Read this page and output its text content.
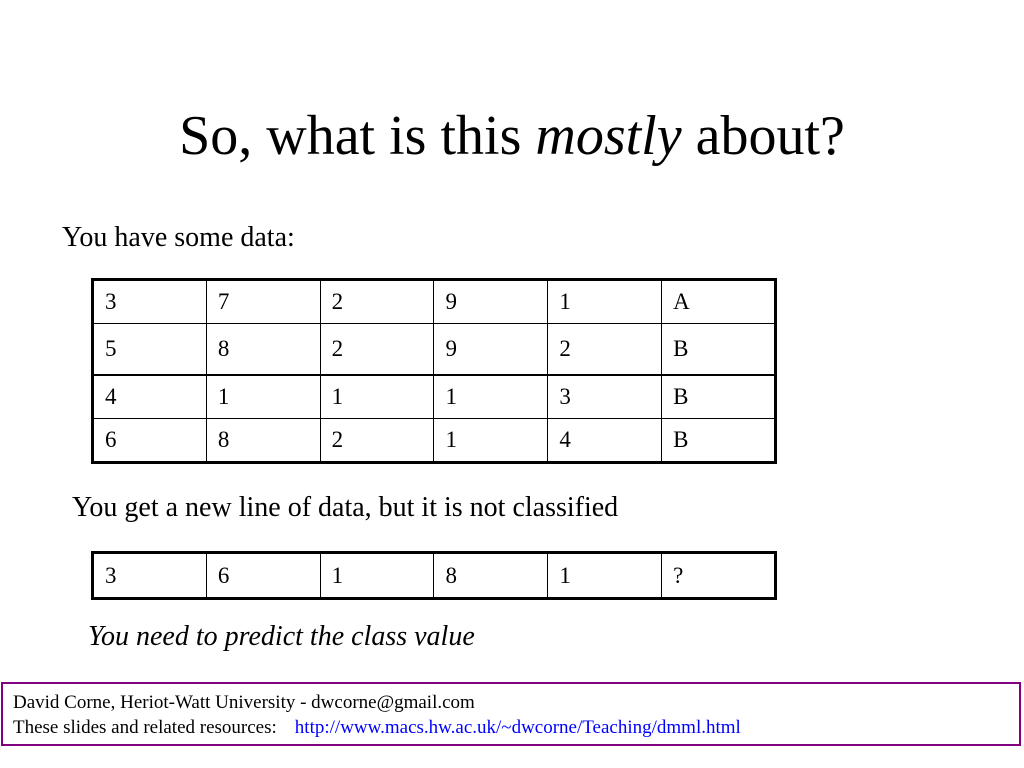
So, what is this mostly about?
You have some data:
3	7	2	9	1	A
5	8	2	9	2	B
4	1	1	1	3	B
6	8	2	1	4	B
You get a new line of data, but it is not classified
3	6	1	8	1	?
You need to predict the class value
David Corne, Heriot-Watt University - dwcorne@gmail.com
These slides and related resources: http://www.macs.hw.ac.uk/~dwcorne/Teaching/dmml.html
